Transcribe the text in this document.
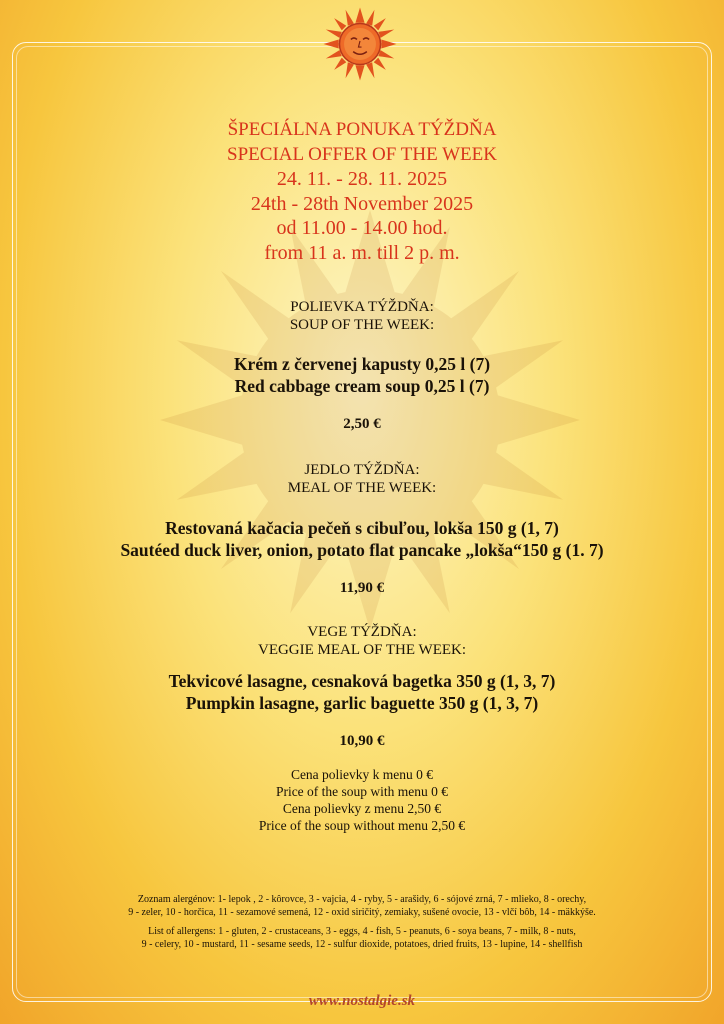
ŠPECIÁLNA PONUKA TÝŽDŇA
SPECIAL OFFER OF THE WEEK
24. 11. - 28. 11. 2025
24th - 28th November 2025
od 11.00 - 14.00 hod.
from 11 a. m. till 2 p. m.
POLIEVKA TÝŽDŇA:
SOUP OF THE WEEK:
Krém z červenej kapusty 0,25 l (7)
Red cabbage cream soup 0,25 l (7)
2,50 €
JEDLO TÝŽDŇA:
MEAL OF THE WEEK:
Restovaná kačacia pečeň s cibuľou, lokša 150 g (1, 7)
Sautéed duck liver, onion, potato flat pancake „lokša“150 g (1. 7)
11,90 €
VEGE TÝŽDŇA:
VEGGIE MEAL OF THE WEEK:
Tekvicové lasagne, cesnaková bagetka 350 g (1, 3, 7)
Pumpkin lasagne, garlic baguette 350 g (1, 3, 7)
10,90 €
Cena polievky k menu 0 €
Price of the soup with menu 0 €
Cena polievky z menu 2,50 €
Price of the soup without menu 2,50 €
Zoznam alergénov: 1- lepok , 2 - kôrovce, 3 - vajcia, 4 - ryby, 5 - arašidy, 6 - sójové zrná, 7 - mlieko, 8 - orechy,
9 - zeler, 10 - horčica, 11 - sezamové semená, 12 - oxid siričitý, zemiaky, sušené ovocie, 13 - vlčí bôb, 14 - mäkkýše.
List of allergens: 1 - gluten, 2 - crustaceans, 3 - eggs, 4 - fish, 5 - peanuts, 6 - soya beans, 7 - milk, 8 - nuts,
9 - celery, 10 - mustard, 11 - sesame seeds, 12 - sulfur dioxide, potatoes, dried fruits, 13 - lupine, 14 - shellfish
www.nostalgie.sk
